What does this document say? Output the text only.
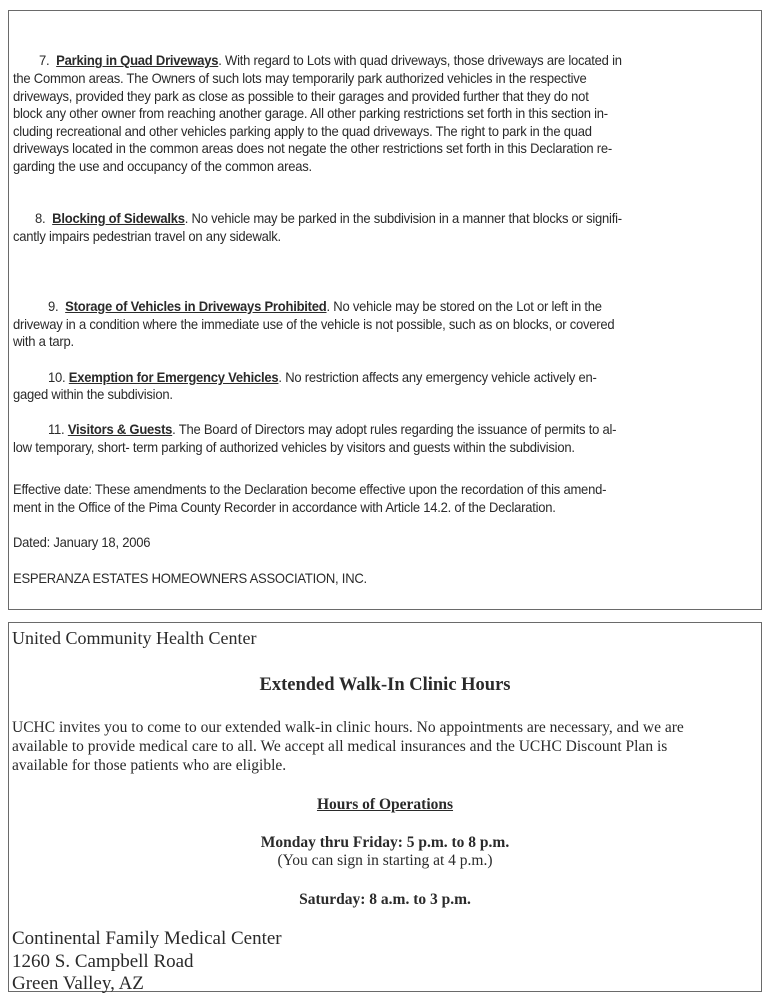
7. Parking in Quad Driveways. With regard to Lots with quad driveways, those driveways are located in
the Common areas. The Owners of such lots may temporarily park authorized vehicles in the respective
driveways, provided they park as close as possible to their garages and provided further that they do not
block any other owner from reaching another garage. All other parking restrictions set forth in this section in-
cluding recreational and other vehicles parking apply to the quad driveways. The right to park in the quad
driveways located in the common areas does not negate the other restrictions set forth in this Declaration re-
garding the use and occupancy of the common areas.
8. Blocking of Sidewalks. No vehicle may be parked in the subdivision in a manner that blocks or signifi-
cantly impairs pedestrian travel on any sidewalk.
9. Storage of Vehicles in Driveways Prohibited. No vehicle may be stored on the Lot or left in the
driveway in a condition where the immediate use of the vehicle is not possible, such as on blocks, or covered
with a tarp.
10. Exemption for Emergency Vehicles. No restriction affects any emergency vehicle actively en-
gaged within the subdivision.
11. Visitors & Guests. The Board of Directors may adopt rules regarding the issuance of permits to al-
low temporary, short- term parking of authorized vehicles by visitors and guests within the subdivision.
Effective date: These amendments to the Declaration become effective upon the recordation of this amend-
ment in the Office of the Pima County Recorder in accordance with Article 14.2. of the Declaration.
Dated: January 18, 2006
ESPERANZA ESTATES HOMEOWNERS ASSOCIATION, INC.
United Community Health Center
Extended Walk-In Clinic Hours
UCHC invites you to come to our extended walk-in clinic hours. No appointments are necessary, and we are
available to provide medical care to all. We accept all medical insurances and the UCHC Discount Plan is
available for those patients who are eligible.
Hours of Operations
Monday thru Friday: 5 p.m. to 8 p.m.
(You can sign in starting at 4 p.m.)
Saturday: 8 a.m. to 3 p.m.
Continental Family Medical Center
1260 S. Campbell Road
Green Valley, AZ
